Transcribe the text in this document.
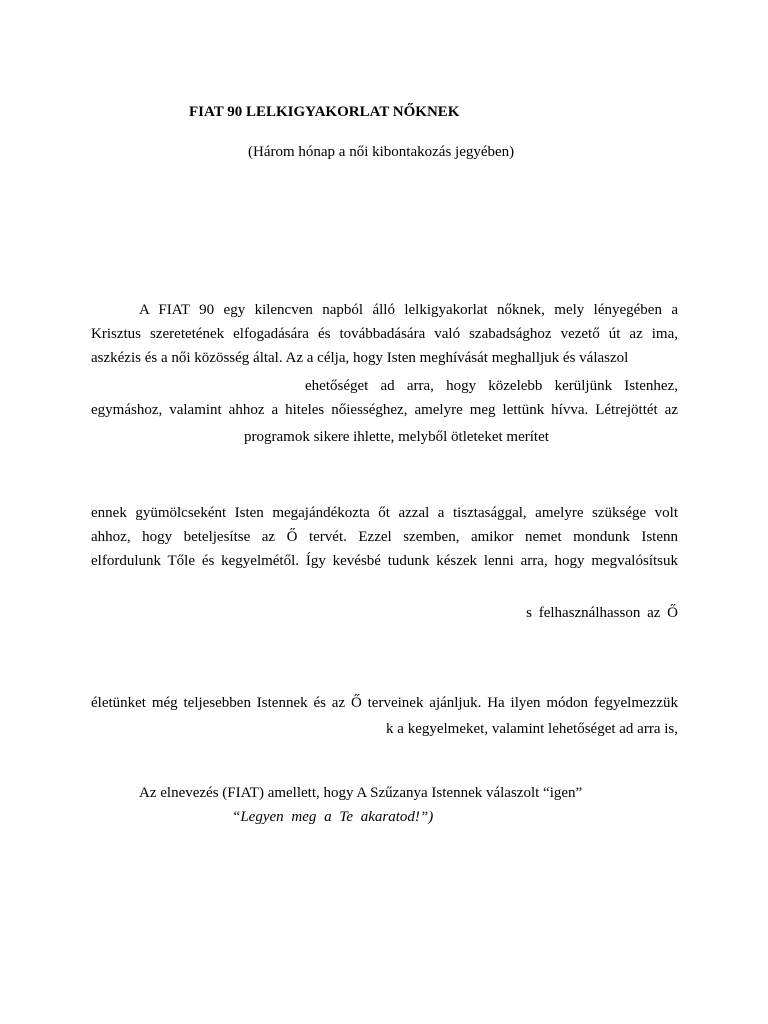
FIAT 90 LELKIGYAKORLAT NŐKNEK
(Három hónap a női kibontakozás jegyében)
A FIAT 90 egy kilencven napból álló lelkigyakorlat nőknek, mely lényegében a
Krisztus szeretetének elfogadására és továbbadására való szabadsághoz vezető út az ima,
aszkézis és a női közösség által. Az a célja, hogy Isten meghívását meghalljuk és válaszol
ehetőséget ad arra, hogy közelebb kerüljünk Istenhez,
egymáshoz, valamint ahhoz a hiteles nőiességhez, amelyre meg lettünk hívva. Létrejöttét az
programok sikere ihlette, melyből ötleteket merítet
ennek gyümölcseként Isten megajándékozta őt azzal a tisztasággal, amelyre szüksége volt
ahhoz, hogy beteljesítse az Ő tervét. Ezzel szemben, amikor nemet mondunk Istenn
elfordulunk Tőle és kegyelmétől. Így kevésbé tudunk készek lenni arra, hogy megvalósítsuk
s felhasználhasson az Ő
életünket még teljesebben Istennek és az Ő terveinek ajánljuk. Ha ilyen módon fegyelmezzük
k a kegyelmeket, valamint lehetőséget ad arra is,
Az elnevezés (FIAT) amellett, hogy A Szűzanya Istennek válaszolt “igen”
“Legyen meg a Te akaratod!”)
